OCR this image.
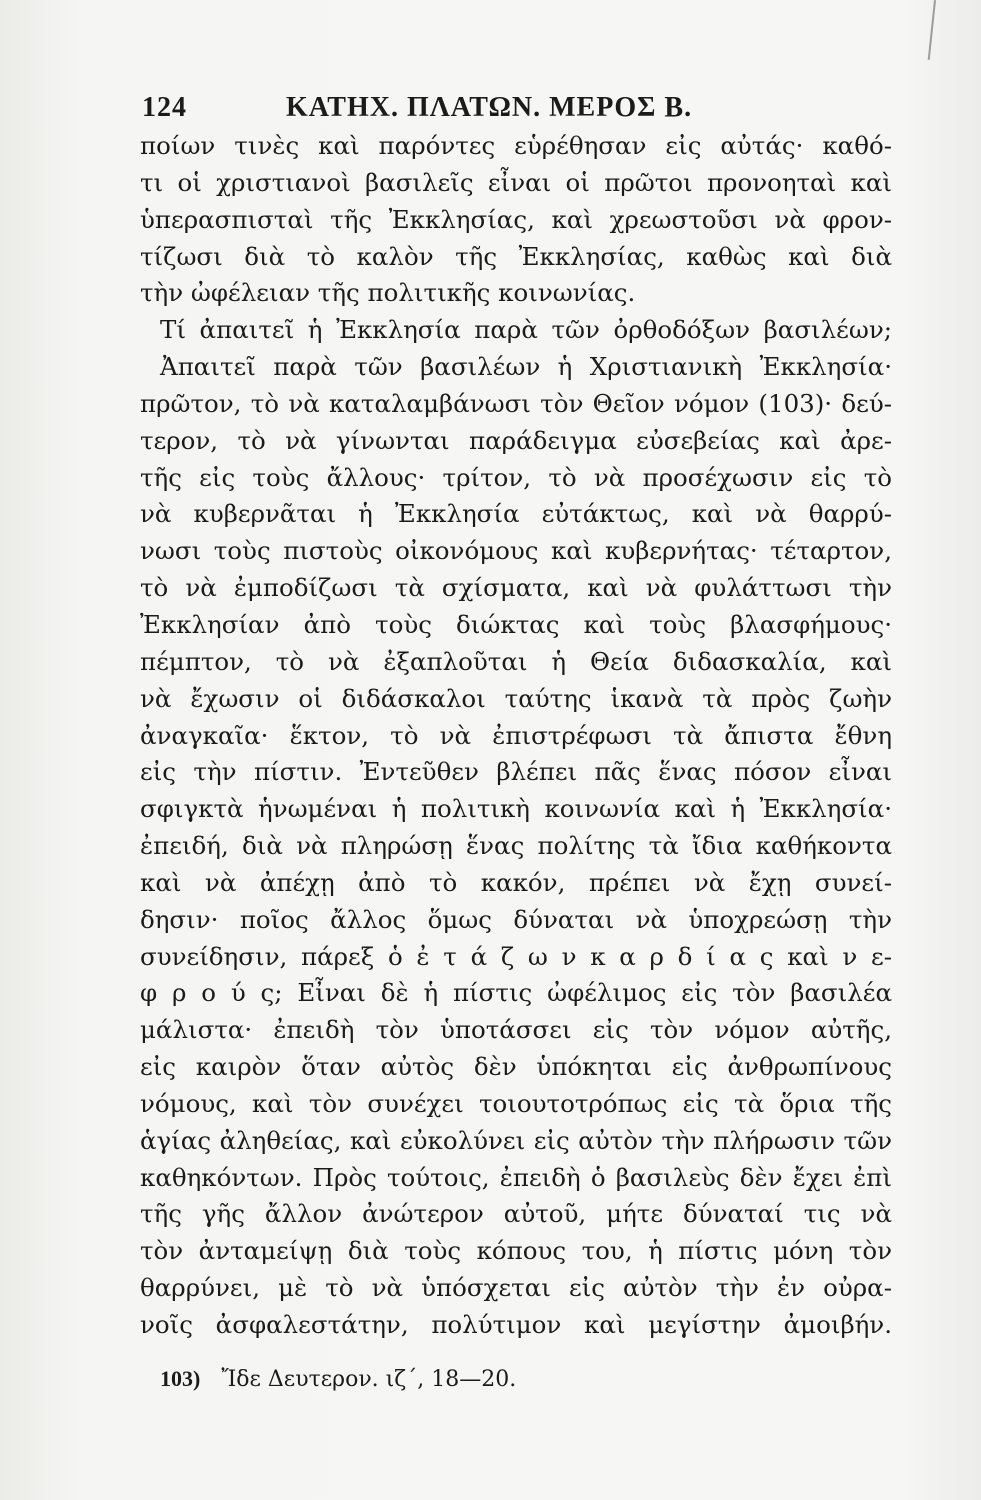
124	ΚΑΤΗΧ. ΠΛΑΤΩΝ. ΜΕΡΟΣ Β.
ποίων τινὲς καὶ παρόντες εὑρέθησαν εἰς αὐτάς· καθό-
τι οἱ χριστιανοὶ βασιλεῖς εἶναι οἱ πρῶτοι προνοηταὶ καὶ
ὑπερασπισταὶ τῆς Ἐκκλησίας, καὶ χρεωστοῦσι νὰ φρον-
τίζωσι διὰ τὸ καλὸν τῆς Ἐκκλησίας, καθὼς καὶ διὰ
τὴν ὠφέλειαν τῆς πολιτικῆς κοινωνίας.
Τί ἀπαιτεῖ ἡ Ἐκκλησία παρὰ τῶν ὀρθοδόξων βασιλέων;
Ἀπαιτεῖ παρὰ τῶν βασιλέων ἡ Χριστιανικὴ Ἐκκλησία·
πρῶτον, τὸ νὰ καταλαμβάνωσι τὸν Θεῖον νόμον (103)· δεύ-
τερον, τὸ νὰ γίνωνται παράδειγμα εὐσεβείας καὶ ἀρε-
τῆς εἰς τοὺς ἄλλους· τρίτον, τὸ νὰ προσέχωσιν εἰς τὸ
νὰ κυβερνᾶται ἡ Ἐκκλησία εὐτάκτως, καὶ νὰ θαρρύ-
νωσι τοὺς πιστοὺς οἰκονόμους καὶ κυβερνήτας· τέταρτον,
τὸ νὰ ἐμποδίζωσι τὰ σχίσματα, καὶ νὰ φυλάττωσι τὴν
Ἐκκλησίαν ἀπὸ τοὺς διώκτας καὶ τοὺς βλασφήμους·
πέμπτον, τὸ νὰ ἐξαπλοῦται ἡ Θεία διδασκαλία, καὶ
νὰ ἔχωσιν οἱ διδάσκαλοι ταύτης ἱκανὰ τὰ πρὸς ζωὴν
ἀναγκαῖα· ἕκτον, τὸ νὰ ἐπιστρέφωσι τὰ ἄπιστα ἔθνη
εἰς τὴν πίστιν. Ἐντεῦθεν βλέπει πᾶς ἕνας πόσον εἶναι
σφιγκτὰ ἡνωμέναι ἡ πολιτικὴ κοινωνία καὶ ἡ Ἐκκλησία·
ἐπειδή, διὰ νὰ πληρώσῃ ἕνας πολίτης τὰ ἴδια καθήκοντα
καὶ νὰ ἀπέχῃ ἀπὸ τὸ κακόν, πρέπει νὰ ἔχῃ συνεί-
δησιν· ποῖος ἄλλος ὅμως δύναται νὰ ὑποχρεώσῃ τὴν
συνείδησιν, πάρεξ ὁ ἐ τ ά ζ ω ν κ α ρ δ ί α ς καὶ ν ε-
φ ρ ο ύ ς; Εἶναι δὲ ἡ πίστις ὠφέλιμος εἰς τὸν βασιλέα
μάλιστα· ἐπειδὴ τὸν ὑποτάσσει εἰς τὸν νόμον αὐτῆς,
εἰς καιρὸν ὅταν αὐτὸς δὲν ὑπόκηται εἰς ἀνθρωπίνους
νόμους, καὶ τὸν συνέχει τοιουτοτρόπως εἰς τὰ ὅρια τῆς
ἁγίας ἀληθείας, καὶ εὐκολύνει εἰς αὐτὸν τὴν πλήρωσιν τῶν
καθηκόντων. Πρὸς τούτοις, ἐπειδὴ ὁ βασιλεὺς δὲν ἔχει ἐπὶ
τῆς γῆς ἄλλον ἀνώτερον αὐτοῦ, μήτε δύναταί τις νὰ
τὸν ἀνταμείψῃ διὰ τοὺς κόπους του, ἡ πίστις μόνη τὸν
θαρρύνει, μὲ τὸ νὰ ὑπόσχεται εἰς αὐτὸν τὴν ἐν οὐρα-
νοῖς ἀσφαλεστάτην, πολύτιμον καὶ μεγίστην ἀμοιβήν.
103) Ἴδε Δευτερον. ιζ΄, 18—20.
